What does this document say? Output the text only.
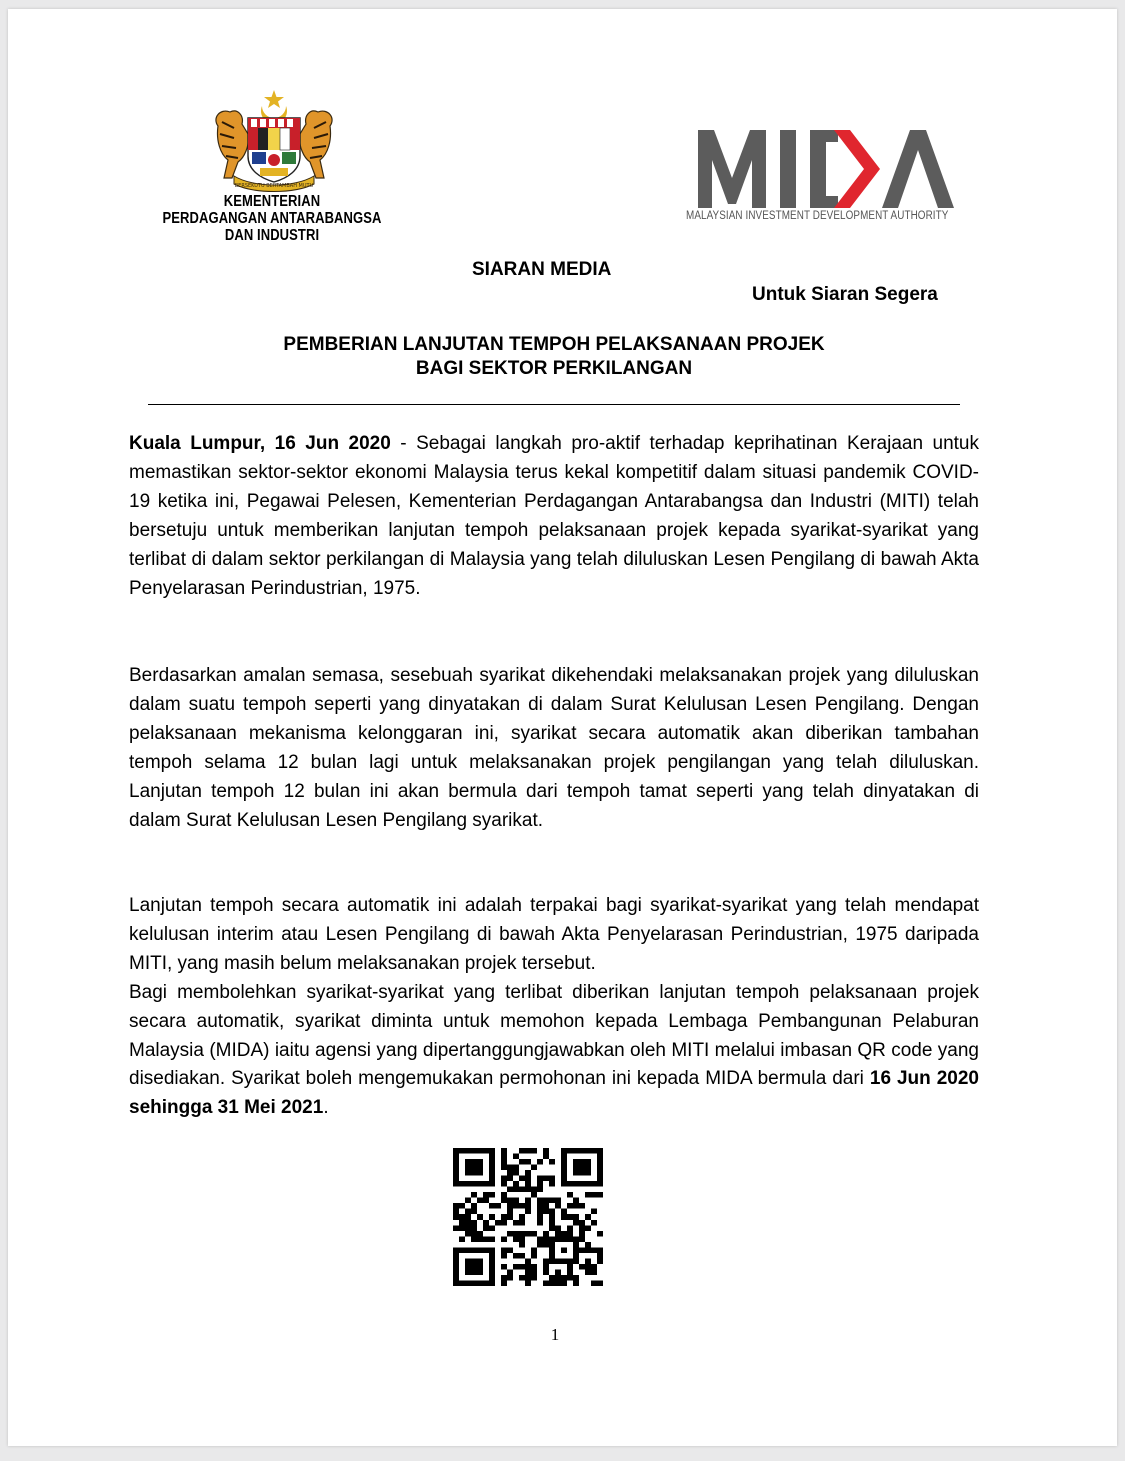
BERSEKUTU BERTAMBAH MUTU
KEMENTERIAN
PERDAGANGAN ANTARABANGSA DAN INDUSTRI
MALAYSIAN INVESTMENT DEVELOPMENT AUTHORITY
SIARAN MEDIA
Untuk Siaran Segera
PEMBERIAN LANJUTAN TEMPOH PELAKSANAAN PROJEK
BAGI SEKTOR PERKILANGAN
Kuala Lumpur, 16 Jun 2020 - Sebagai langkah pro-aktif terhadap keprihatinan Kerajaan untuk memastikan sektor-sektor ekonomi Malaysia terus kekal kompetitif dalam situasi pandemik COVID-19 ketika ini, Pegawai Pelesen, Kementerian Perdagangan Antarabangsa dan Industri (MITI) telah bersetuju untuk memberikan lanjutan tempoh pelaksanaan projek kepada syarikat-syarikat yang terlibat di dalam sektor perkilangan di Malaysia yang telah diluluskan Lesen Pengilang di bawah Akta Penyelarasan Perindustrian, 1975.
Berdasarkan amalan semasa, sesebuah syarikat dikehendaki melaksanakan projek yang diluluskan dalam suatu tempoh seperti yang dinyatakan di dalam Surat Kelulusan Lesen Pengilang. Dengan pelaksanaan mekanisma kelonggaran ini, syarikat secara automatik akan diberikan tambahan tempoh selama 12 bulan lagi untuk melaksanakan projek pengilangan yang telah diluluskan. Lanjutan tempoh 12 bulan ini akan bermula dari tempoh tamat seperti yang telah dinyatakan di dalam Surat Kelulusan Lesen Pengilang syarikat.
Lanjutan tempoh secara automatik ini adalah terpakai bagi syarikat-syarikat yang telah mendapat kelulusan interim atau Lesen Pengilang di bawah Akta Penyelarasan Perindustrian, 1975 daripada MITI, yang masih belum melaksanakan projek tersebut.
Bagi membolehkan syarikat-syarikat yang terlibat diberikan lanjutan tempoh pelaksanaan projek secara automatik, syarikat diminta untuk memohon kepada Lembaga Pembangunan Pelaburan Malaysia (MIDA) iaitu agensi yang dipertanggungjawabkan oleh MITI melalui imbasan QR code yang disediakan. Syarikat boleh mengemukakan permohonan ini kepada MIDA bermula dari 16 Jun 2020 sehingga 31 Mei 2021.
1
